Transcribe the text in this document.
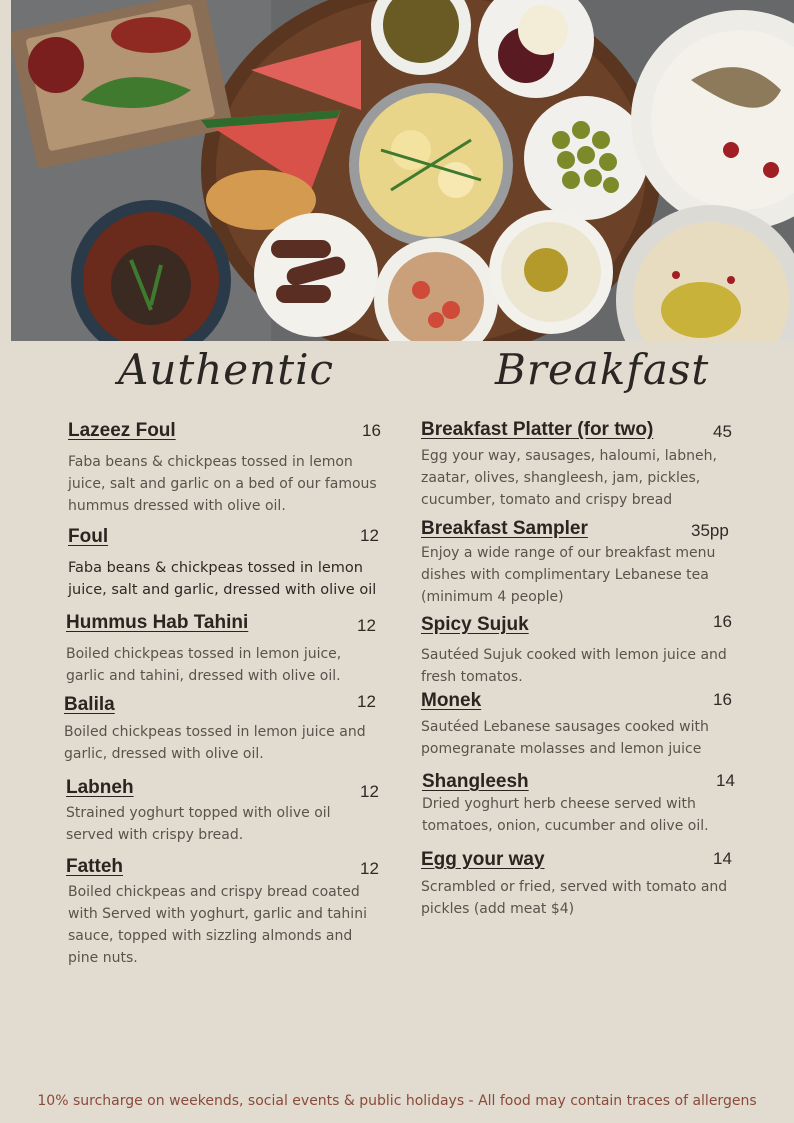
Authentic	Breakfast
Lazeez Foul	16
Faba beans & chickpeas tossed in lemon juice, salt and garlic on a bed of our famous hummus dressed with olive oil.
Foul	12
Faba beans & chickpeas tossed in lemon juice, salt and garlic, dressed with olive oil
Hummus Hab Tahini	12
Boiled chickpeas tossed in lemon juice, garlic and tahini, dressed with olive oil.
Balila	12
Boiled chickpeas tossed in lemon juice and garlic, dressed with olive oil.
Labneh	12
Strained yoghurt topped with olive oil served with crispy bread.
Fatteh	12
Boiled chickpeas and crispy bread coated with Served with yoghurt, garlic and tahini sauce, topped with sizzling almonds and pine nuts.
Breakfast Platter (for two)	45
Egg your way, sausages, haloumi, labneh, zaatar, olives, shangleesh, jam, pickles, cucumber, tomato and crispy bread
Breakfast Sampler	35pp
Enjoy a wide range of our breakfast menu dishes with complimentary Lebanese tea (minimum 4 people)
Spicy Sujuk	16
Sautéed Sujuk cooked with lemon juice and fresh tomatos.
Monek	16
Sautéed Lebanese sausages cooked with pomegranate molasses and lemon juice
Shangleesh	14
Dried yoghurt herb cheese served with tomatoes, onion, cucumber and olive oil.
Egg your way	14
Scrambled or fried, served with tomato and pickles (add meat $4)
10% surcharge on weekends, social events & public holidays - All food may contain traces of allergens
